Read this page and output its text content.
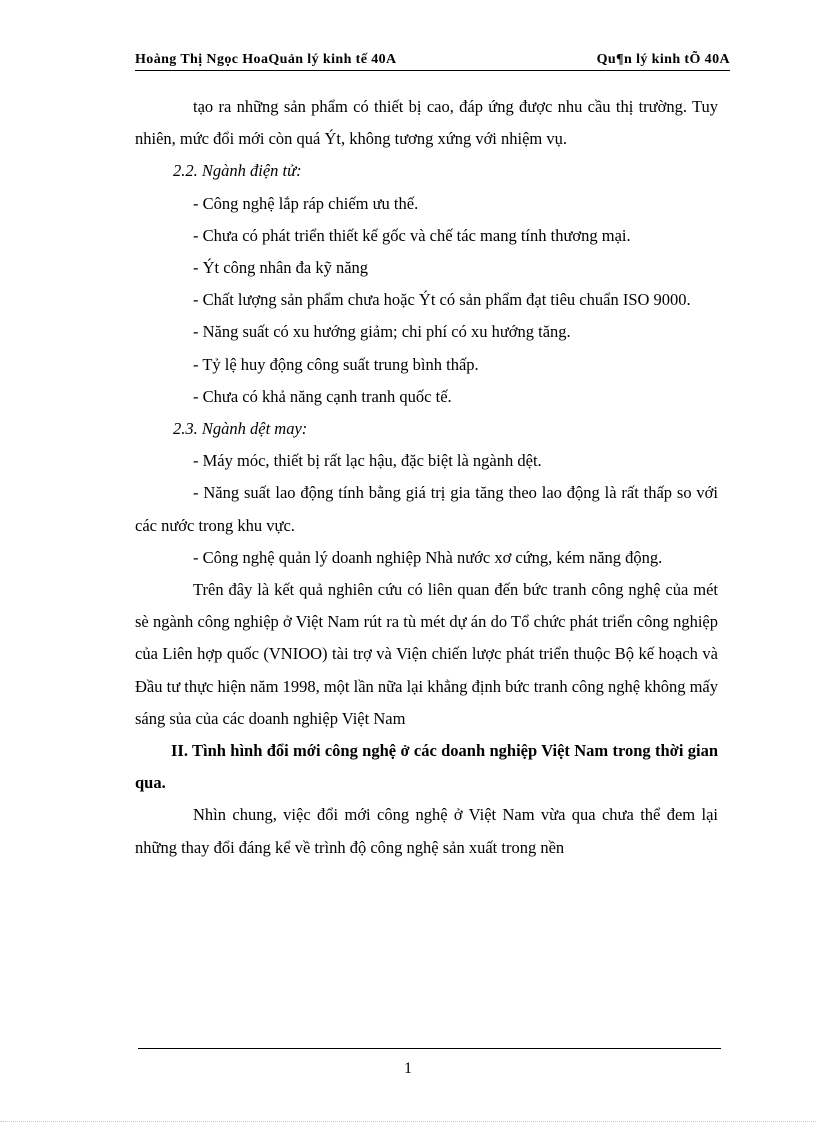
Hoàng Thị Ngọc HoaQuản lý kinh tế 40A	Qu¶n lý kinh tÕ 40A

tạo ra những sản phẩm có thiết bị cao, đáp ứng được nhu cầu thị trường. Tuy nhiên, mức đổi mới còn quá Ýt, không tương xứng với nhiệm vụ.

2.2. Ngành điện tử:

- Công nghệ lắp ráp chiếm ưu thế.

- Chưa có phát triển thiết kế gốc và chế tác mang tính thương mại.

- Ýt công nhân đa kỹ năng

- Chất lượng sản phẩm chưa hoặc Ýt có sản phẩm đạt tiêu chuẩn ISO 9000.

- Năng suất có xu hướng giảm; chi phí có xu hướng tăng.

- Tỷ lệ huy động công suất trung bình thấp.

- Chưa có khả năng cạnh tranh quốc tế.

2.3. Ngành dệt may:

- Máy móc, thiết bị rất lạc hậu, đặc biệt là ngành dệt.

- Năng suất lao động tính bằng giá trị gia tăng theo lao động là rất thấp so với các nước trong khu vực.

- Công nghệ quản lý doanh nghiệp Nhà nước xơ cứng, kém năng động.

Trên đây là kết quả nghiên cứu có liên quan đến bức tranh công nghệ của mét sè ngành công nghiệp ở Việt Nam rút ra tù mét dự án do Tổ chức phát triển công nghiệp của Liên hợp quốc (VNIOO) tài trợ và Viện chiến lược phát triển thuộc Bộ kế hoạch và Đầu tư thực hiện năm 1998, một lần nữa lại khẳng định bức tranh công nghệ không mấy sáng sủa của các doanh nghiệp Việt Nam

II. Tình hình đổi mới công nghệ ở các doanh nghiệp Việt Nam trong thời gian qua.

Nhìn chung, việc đổi mới công nghệ ở Việt Nam vừa qua chưa thể đem lại những thay đổi đáng kể về trình độ công nghệ sản xuất trong nền

1
